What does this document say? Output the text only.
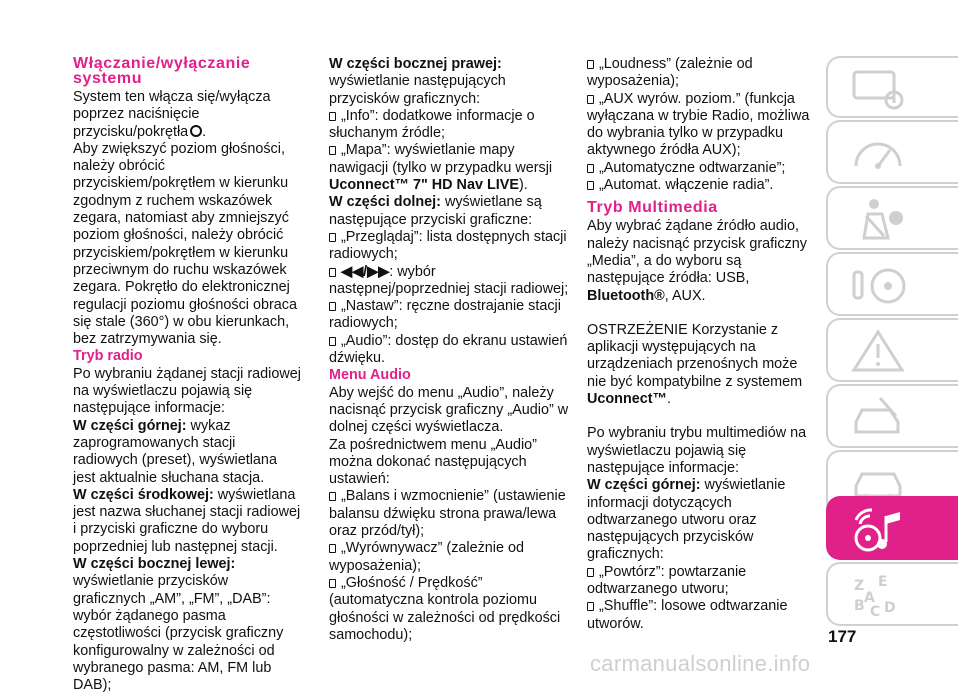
Włączanie/wyłączanie systemu

System ten włącza się/wyłącza poprzez naciśnięcie przycisku/pokrętła .

Aby zwiększyć poziom głośności, należy obrócić przyciskiem/pokrętłem w kierunku zgodnym z ruchem wskazówek zegara, natomiast aby zmniejszyć poziom głośności, należy obrócić przyciskiem/pokrętłem w kierunku przeciwnym do ruchu wskazówek zegara. Pokrętło do elektronicznej regulacji poziomu głośności obraca się stale (360°) w obu kierunkach, bez zatrzymywania się.

Tryb radio

Po wybraniu żądanej stacji radiowej na wyświetlaczu pojawią się następujące informacje:

W części górnej: wykaz zaprogramowanych stacji radiowych (preset), wyświetlana jest aktualnie słuchana stacja.

W części środkowej: wyświetlana jest nazwa słuchanej stacji radiowej i przyciski graficzne do wyboru poprzedniej lub następnej stacji.

W części bocznej lewej: wyświetlanie przycisków graficznych „AM”, „FM”, „DAB”: wybór żądanego pasma częstotliwości (przycisk graficzny konfigurowalny w zależności od wybranego pasma: AM, FM lub DAB);

W części bocznej prawej:

wyświetlanie następujących przycisków graficznych:

„Info”: dodatkowe informacje o słuchanym źródle;

„Mapa”: wyświetlanie mapy nawigacji (tylko w przypadku wersji Uconnect™ 7" HD Nav LIVE).

W części dolnej: wyświetlane są następujące przyciski graficzne:

„Przeglądaj”: lista dostępnych stacji radiowych;

◀◀/▶▶: wybór następnej/poprzedniej stacji radiowej;

„Nastaw”: ręczne dostrajanie stacji radiowych;

„Audio”: dostęp do ekranu ustawień dźwięku.

Menu Audio

Aby wejść do menu „Audio”, należy nacisnąć przycisk graficzny „Audio” w dolnej części wyświetlacza.

Za pośrednictwem menu „Audio” można dokonać następujących ustawień:

„Balans i wzmocnienie” (ustawienie balansu dźwięku strona prawa/lewa oraz przód/tył);

„Wyrównywacz” (zależnie od wyposażenia);

„Głośność / Prędkość” (automatyczna kontrola poziomu głośności w zależności od prędkości samochodu);

„Loudness” (zależnie od wyposażenia);

„AUX wyrów. poziom.” (funkcja wyłączana w trybie Radio, możliwa do wybrania tylko w przypadku aktywnego źródła AUX);

„Automatyczne odtwarzanie”;

„Automat. włączenie radia”.

Tryb Multimedia

Aby wybrać żądane źródło audio, należy nacisnąć przycisk graficzny „Media”, a do wyboru są następujące źródła: USB, Bluetooth®, AUX.

OSTRZEŻENIE Korzystanie z aplikacji występujących na urządzeniach przenośnych może nie być kompatybilne z systemem Uconnect™.

Po wybraniu trybu multimediów na wyświetlaczu pojawią się następujące informacje:

W części górnej: wyświetlanie informacji dotyczących odtwarzanego utworu oraz następujących przycisków graficznych:

„Powtórz”: powtarzanie odtwarzanego utworu;

„Shuffle”: losowe odtwarzanie utworów.

Z E
B C D
A
177
carmanualsonline.info
